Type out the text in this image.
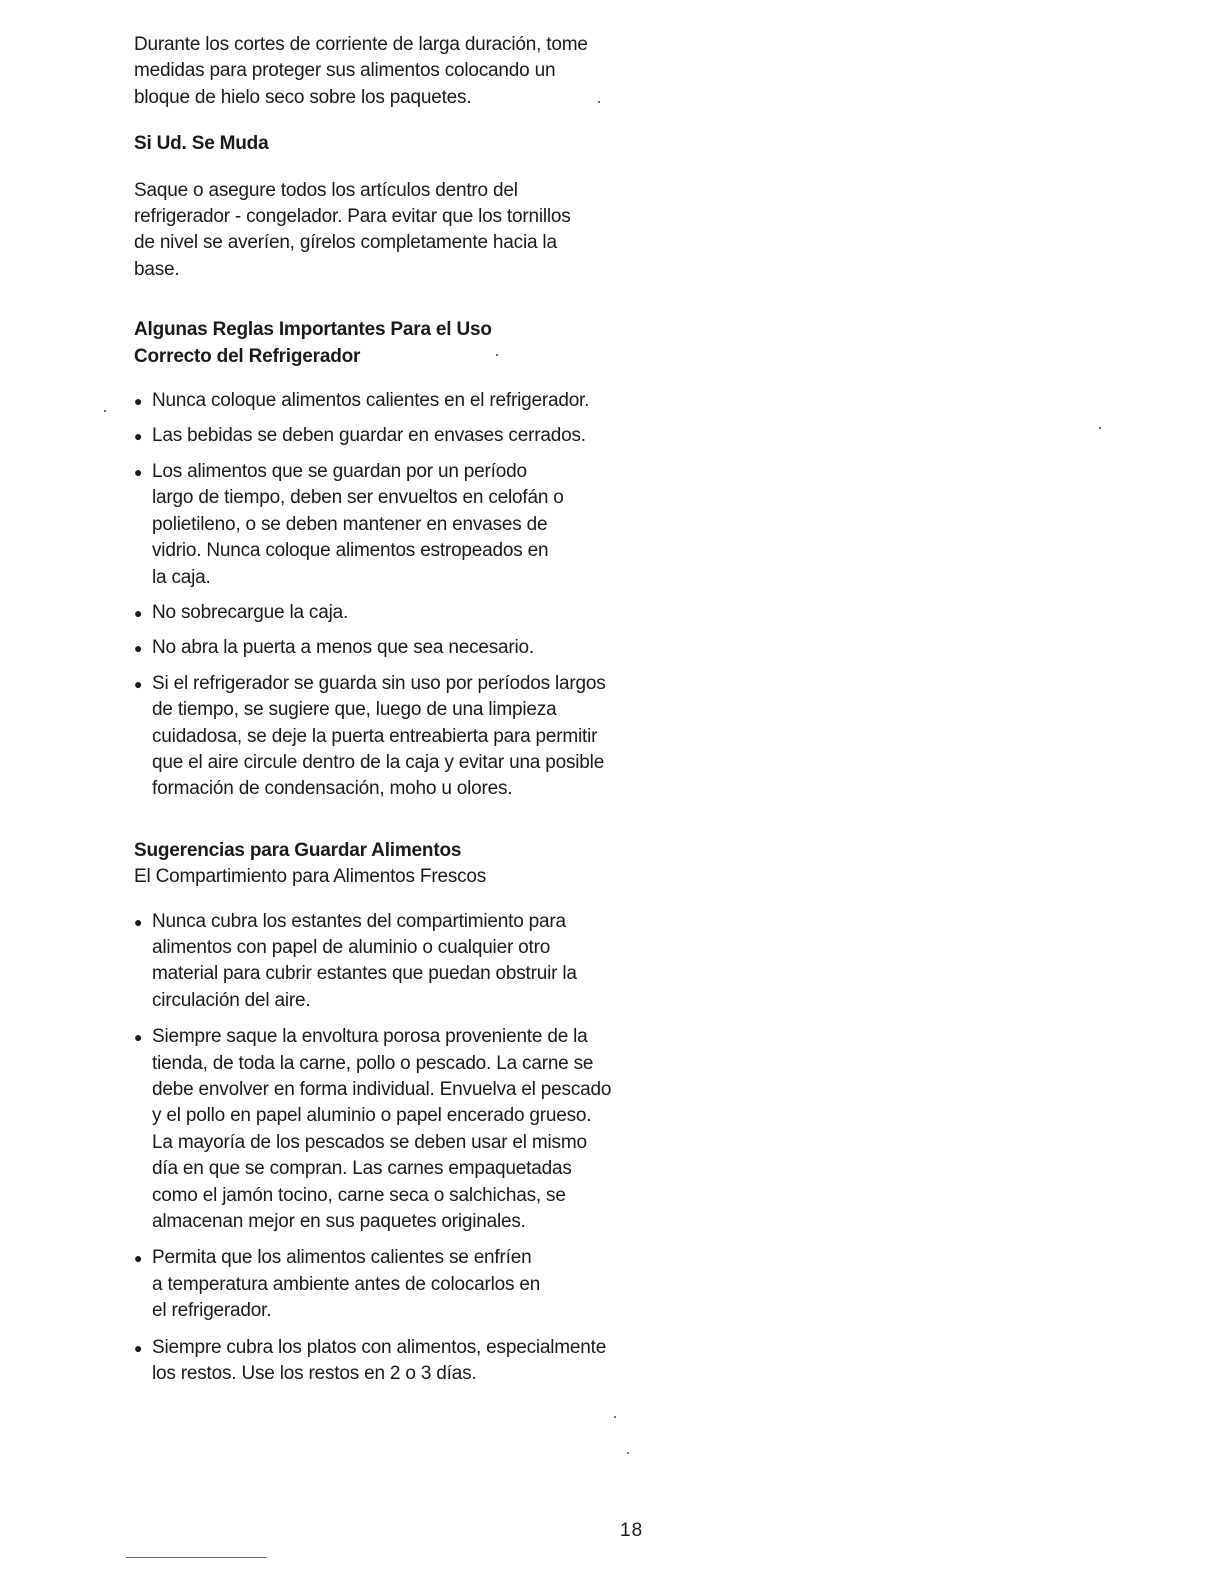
Durante los cortes de corriente de larga duración, tome medidas para proteger sus alimentos colocando un bloque de hielo seco sobre los paquetes.

Si Ud. Se Muda

Saque o asegure todos los artículos dentro del refrigerador - congelador. Para evitar que los tornillos de nivel se averíen, gírelos completamente hacia la base.

Algunas Reglas Importantes Para el Uso
Correcto del Refrigerador
● Nunca coloque alimentos calientes en el refrigerador.
● Las bebidas se deben guardar en envases cerrados.
● Los alimentos que se guardan por un período largo de tiempo, deben ser envueltos en celofán o polietileno, o se deben mantener en envases de vidrio. Nunca coloque alimentos estropeados en la caja.
● No sobrecargue la caja.
● No abra la puerta a menos que sea necesario.
● Si el refrigerador se guarda sin uso por períodos largos de tiempo, se sugiere que, luego de una limpieza cuidadosa, se deje la puerta entreabierta para permitir que el aire circule dentro de la caja y evitar una posible formación de condensación, moho u olores.
Sugerencias para Guardar Alimentos

El Compartimiento para Alimentos Frescos

● Nunca cubra los estantes del compartimiento para alimentos con papel de aluminio o cualquier otro material para cubrir estantes que puedan obstruir la circulación del aire.
● Siempre saque la envoltura porosa proveniente de la tienda, de toda la carne, pollo o pescado. La carne se debe envolver en forma individual. Envuelva el pescado y el pollo en papel aluminio o papel encerado grueso. La mayoría de los pescados se deben usar el mismo día en que se compran. Las carnes empaquetadas como el jamón tocino, carne seca o salchichas, se almacenan mejor en sus paquetes originales.
● Permita que los alimentos calientes se enfríen a temperatura ambiente antes de colocarlos en el refrigerador.
● Siempre cubra los platos con alimentos, especialmente los restos. Use los restos en 2 o 3 días.
18
